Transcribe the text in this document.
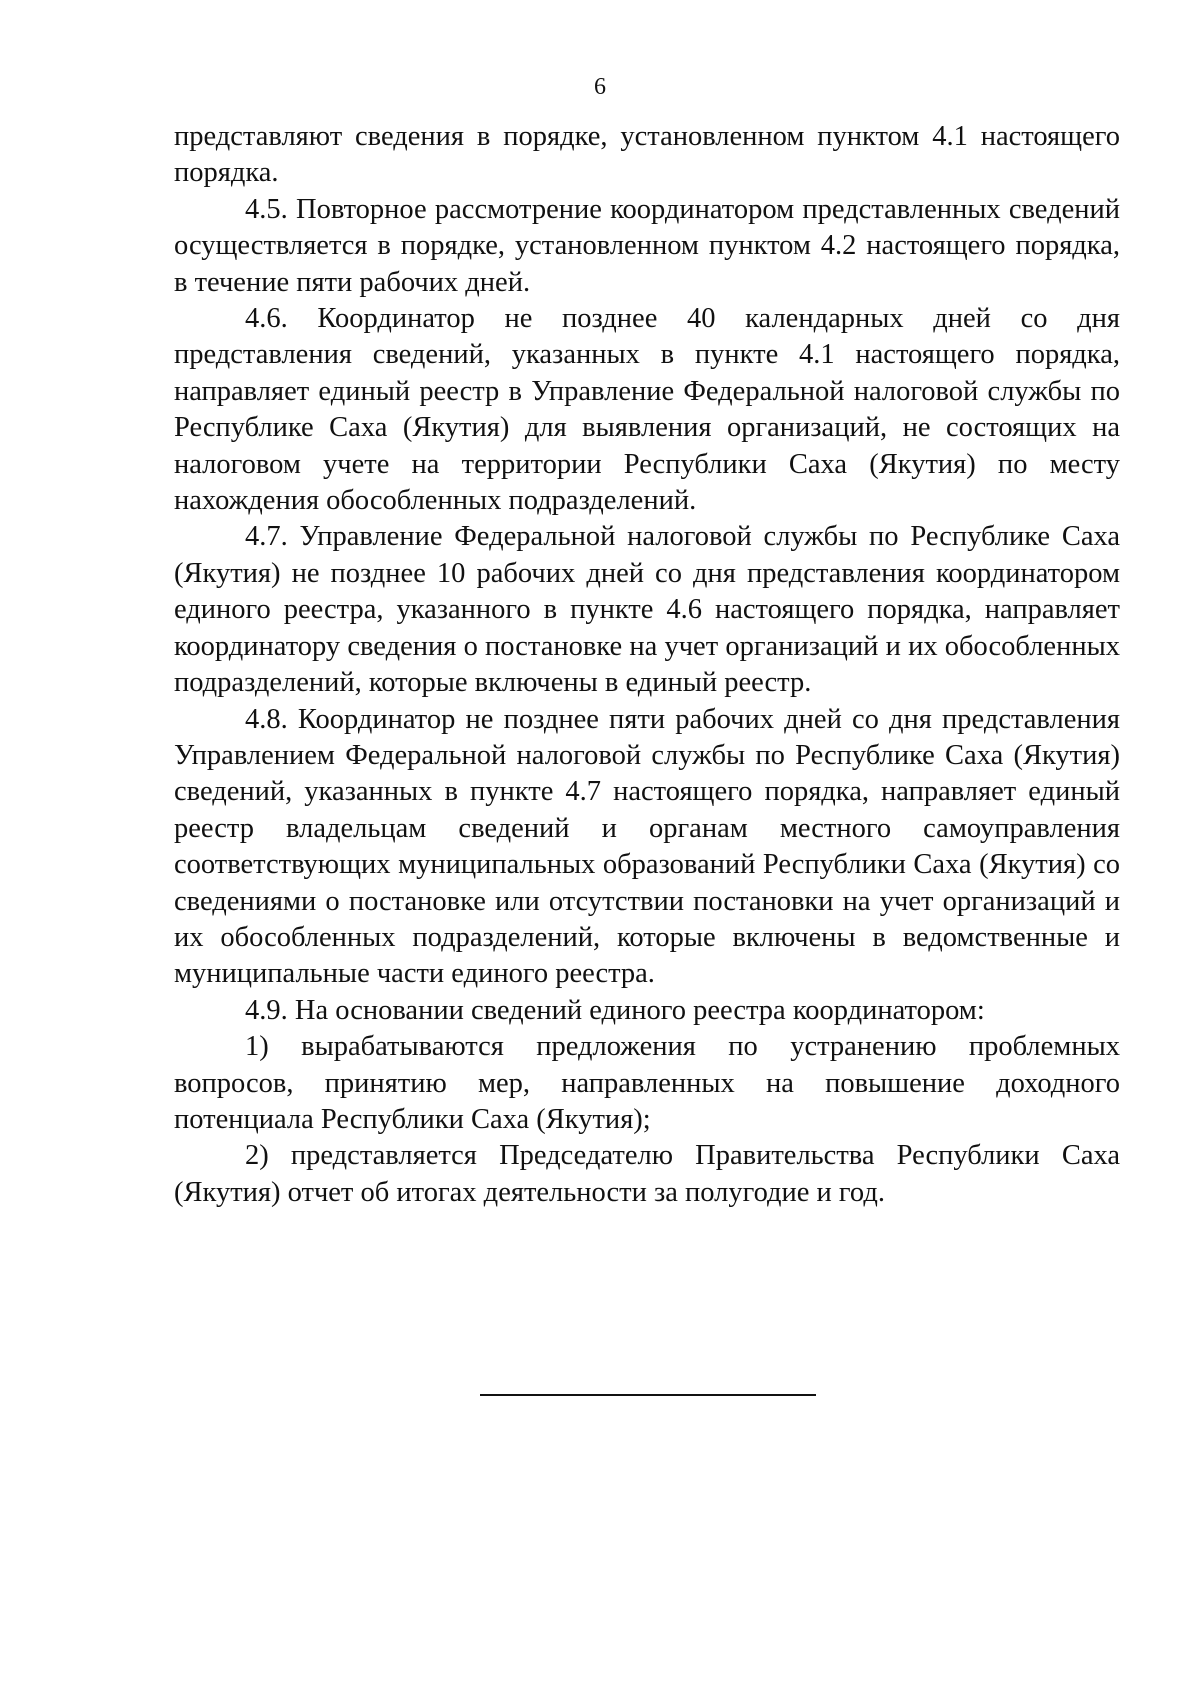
6

представляют сведения в порядке, установленном пунктом 4.1 настоящего порядка.

4.5. Повторное рассмотрение координатором представленных сведений осуществляется в порядке, установленном пунктом 4.2 настоящего порядка, в течение пяти рабочих дней.

4.6. Координатор не позднее 40 календарных дней со дня представления сведений, указанных в пункте 4.1 настоящего порядка, направляет единый реестр в Управление Федеральной налоговой службы по Республике Саха (Якутия) для выявления организаций, не состоящих на налоговом учете на территории Республики Саха (Якутия) по месту нахождения обособленных подразделений.

4.7. Управление Федеральной налоговой службы по Республике Саха (Якутия) не позднее 10 рабочих дней со дня представления координатором единого реестра, указанного в пункте 4.6 настоящего порядка, направляет координатору сведения о постановке на учет организаций и их обособленных подразделений, которые включены в единый реестр.

4.8. Координатор не позднее пяти рабочих дней со дня представления Управлением Федеральной налоговой службы по Республике Саха (Якутия) сведений, указанных в пункте 4.7 настоящего порядка, направляет единый реестр владельцам сведений и органам местного самоуправления соответствующих муниципальных образований Республики Саха (Якутия) со сведениями о постановке или отсутствии постановки на учет организаций и их обособленных подразделений, которые включены в ведомственные и муниципальные части единого реестра.

4.9. На основании сведений единого реестра координатором:

1) вырабатываются предложения по устранению проблемных вопросов, принятию мер, направленных на повышение доходного потенциала Республики Саха (Якутия);

2) представляется Председателю Правительства Республики Саха (Якутия) отчет об итогах деятельности за полугодие и год.
